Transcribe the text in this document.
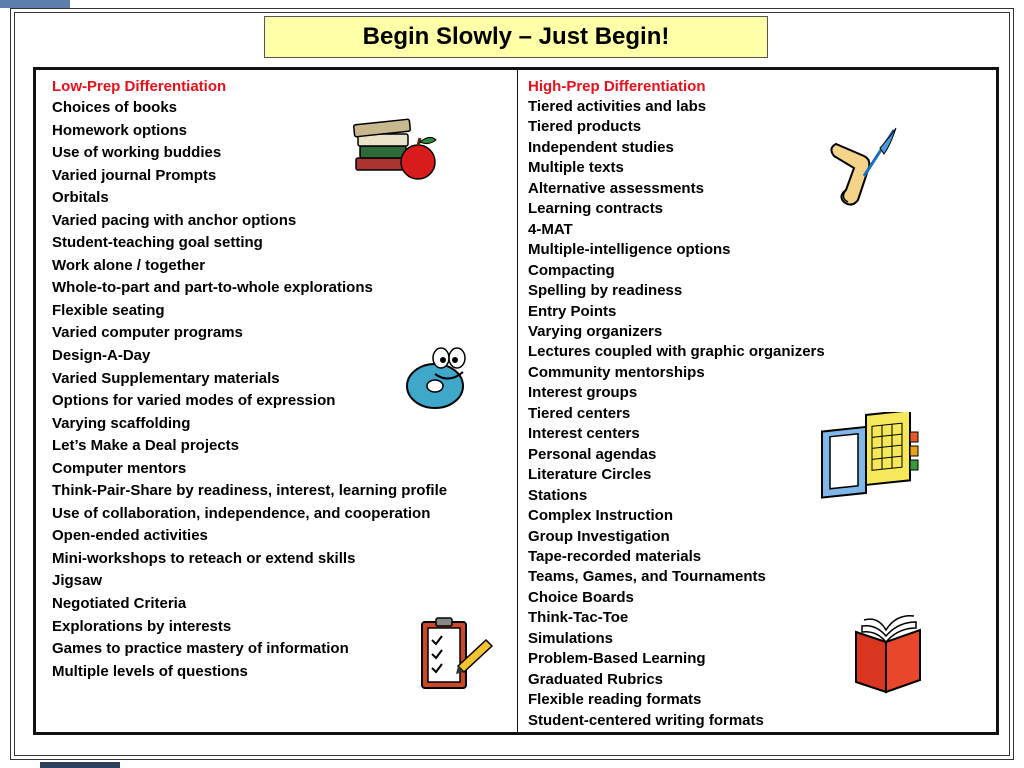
Begin Slowly – Just Begin!
Low-Prep Differentiation
Choices of books
Homework options
Use of working buddies
Varied journal Prompts
Orbitals
Varied pacing with anchor options
Student-teaching goal setting
Work alone / together
Whole-to-part and part-to-whole explorations
Flexible seating
Varied computer programs
Design-A-Day
Varied Supplementary materials
Options for varied modes of expression
Varying scaffolding
Let’s Make a Deal projects
Computer mentors
Think-Pair-Share by readiness, interest, learning profile
Use of collaboration, independence, and cooperation
Open-ended activities
Mini-workshops to reteach or extend skills
Jigsaw
Negotiated Criteria
Explorations by interests
Games to practice mastery of information
Multiple levels of questions
High-Prep Differentiation
Tiered activities and labs
Tiered products
Independent studies
Multiple texts
Alternative assessments
Learning contracts
4-MAT
Multiple-intelligence options
Compacting
Spelling by readiness
Entry Points
Varying organizers
Lectures coupled with graphic organizers
Community mentorships
Interest groups
Tiered centers
Interest centers
Personal agendas
Literature Circles
Stations
Complex Instruction
Group Investigation
Tape-recorded materials
Teams, Games, and Tournaments
Choice Boards
Think-Tac-Toe
Simulations
Problem-Based Learning
Graduated Rubrics
Flexible reading formats
Student-centered writing formats
